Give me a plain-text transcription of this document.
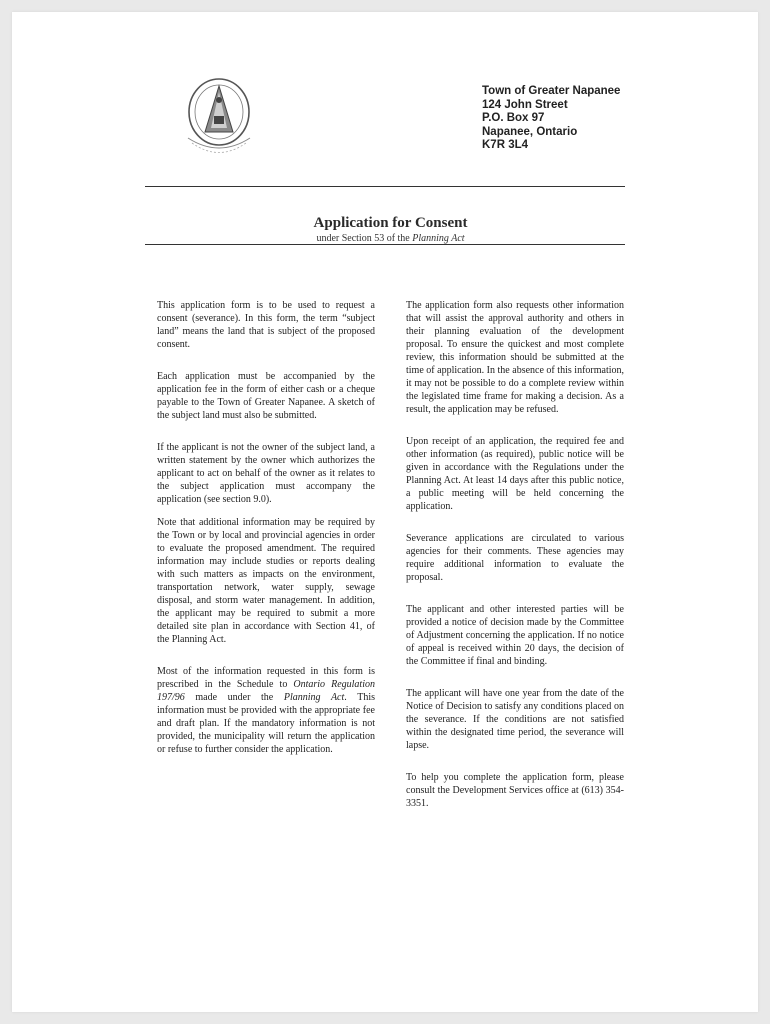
Town of Greater Napanee
124 John Street
P.O. Box 97
Napanee, Ontario
K7R 3L4
Application for Consent
under Section 53 of the Planning Act

This application form is to be used to request a consent (severance). In this form, the term “subject land” means the land that is subject of the proposed consent.

Each application must be accompanied by the application fee in the form of either cash or a cheque payable to the Town of Greater Napanee. A sketch of the subject land must also be submitted.

If the applicant is not the owner of the subject land, a written statement by the owner which authorizes the applicant to act on behalf of the owner as it relates to the subject application must accompany the application (see section 9.0).

Note that additional information may be required by the Town or by local and provincial agencies in order to evaluate the proposed amendment. The required information may include studies or reports dealing with such matters as impacts on the environment, transportation network, water supply, sewage disposal, and storm water management. In addition, the applicant may be required to submit a more detailed site plan in accordance with Section 41, of the Planning Act.

Most of the information requested in this form is prescribed in the Schedule to Ontario Regulation 197/96 made under the Planning Act. This information must be provided with the appropriate fee and draft plan. If the mandatory information is not provided, the municipality will return the application or refuse to further consider the application.

The application form also requests other information that will assist the approval authority and others in their planning evaluation of the development proposal. To ensure the quickest and most complete review, this information should be submitted at the time of application. In the absence of this information, it may not be possible to do a complete review within the legislated time frame for making a decision. As a result, the application may be refused.

Upon receipt of an application, the required fee and other information (as required), public notice will be given in accordance with the Regulations under the Planning Act. At least 14 days after this public notice, a public meeting will be held concerning the application.

Severance applications are circulated to various agencies for their comments. These agencies may require additional information to evaluate the proposal.

The applicant and other interested parties will be provided a notice of decision made by the Committee of Adjustment concerning the application. If no notice of appeal is received within 20 days, the decision of the Committee if final and binding.

The applicant will have one year from the date of the Notice of Decision to satisfy any conditions placed on the severance. If the conditions are not satisfied within the designated time period, the severance will lapse.

To help you complete the application form, please consult the Development Services office at (613) 354-3351.
